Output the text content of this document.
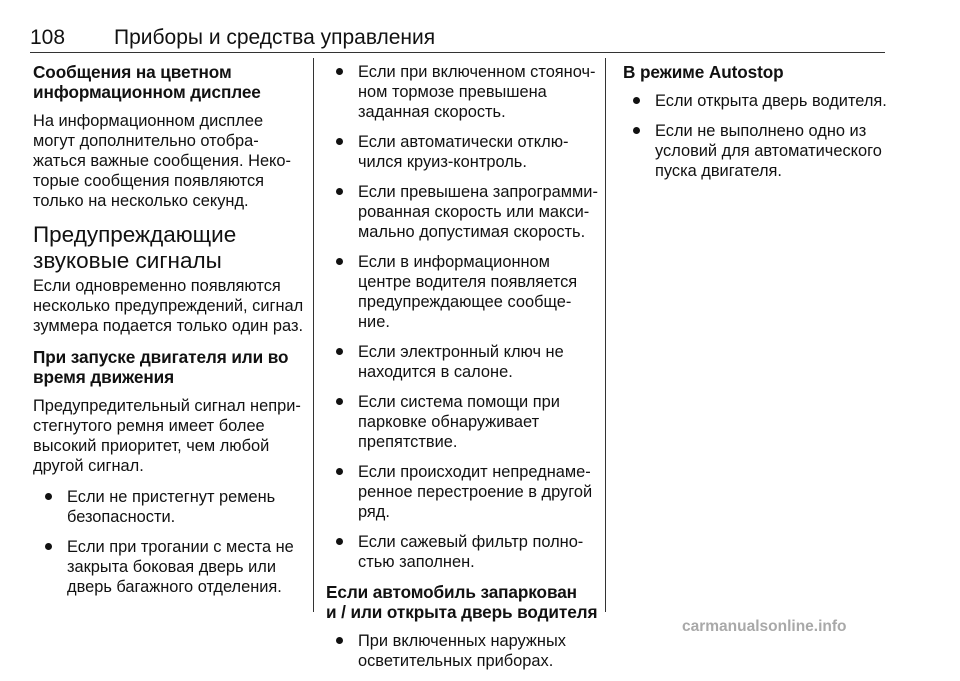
108 Приборы и средства управления
Сообщения на цветном
информационном дисплее

На информационном дисплее
могут дополнительно отобра-
жаться важные сообщения. Неко-
торые сообщения появляются
только на несколько секунд.

Предупреждающие
звуковые сигналы

Если одновременно появляются
несколько предупреждений, сигнал
зуммера подается только один раз.

При запуске двигателя или во
время движения

Предупредительный сигнал непри-
стегнутого ремня имеет более
высокий приоритет, чем любой
другой сигнал.

Если не пристегнут ремень
безопасности.
Если при трогании с места не
закрыта боковая дверь или
дверь багажного отделения.
Если при включенном стояноч-
ном тормозе превышена
заданная скорость.
Если автоматически отклю-
чился круиз-контроль.
Если превышена запрограмми-
рованная скорость или макси-
мально допустимая скорость.
Если в информационном
центре водителя появляется
предупреждающее сообще-
ние.
Если электронный ключ не
находится в салоне.
Если система помощи при
парковке обнаруживает
препятствие.
Если происходит непреднаме-
ренное перестроение в другой
ряд.
Если сажевый фильтр полно-
стью заполнен.
Если автомобиль запаркован
и / или открыта дверь водителя
При включенных наружных
осветительных приборах.
В режиме Autostop
Если открыта дверь водителя.
Если не выполнено одно из
условий для автоматического
пуска двигателя.
carmanualsonline.info
